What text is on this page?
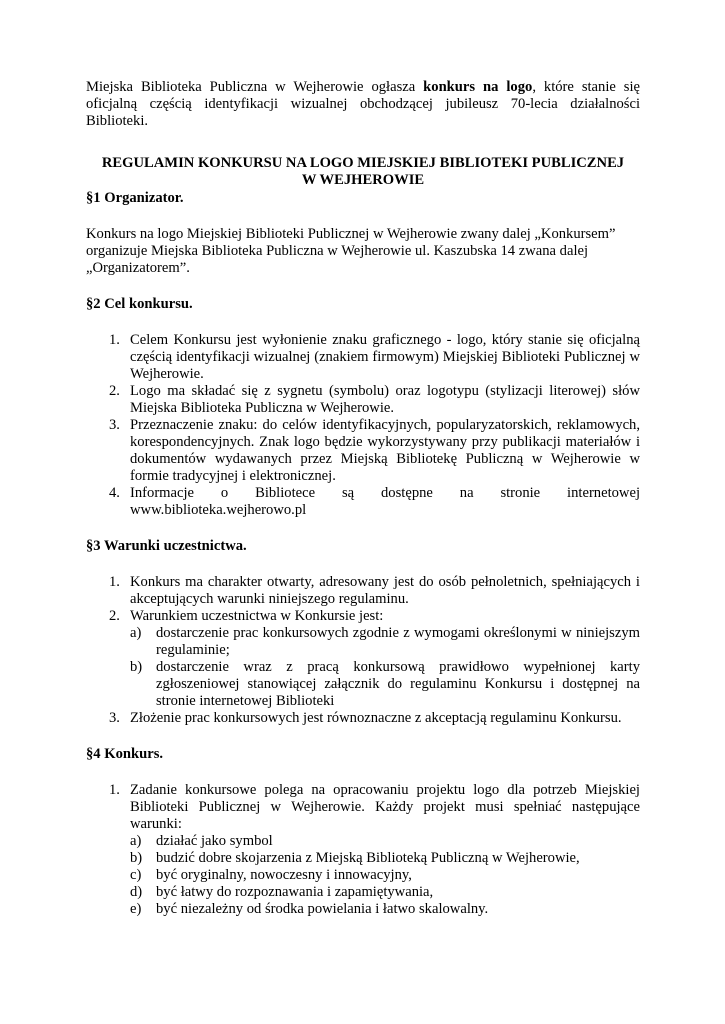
Miejska Biblioteka Publiczna w Wejherowie ogłasza konkurs na logo, które stanie się oficjalną częścią identyfikacji wizualnej obchodzącej jubileusz 70-lecia działalności Biblioteki.

REGULAMIN KONKURSU NA LOGO MIEJSKIEJ BIBLIOTEKI PUBLICZNEJ
W WEJHEROWIE

§1 Organizator.

Konkurs na logo Miejskiej Biblioteki Publicznej w Wejherowie zwany dalej „Konkursem” organizuje Miejska Biblioteka Publiczna w Wejherowie ul. Kaszubska 14 zwana dalej „Organizatorem”.

§2 Cel konkursu.

1. Celem Konkursu jest wyłonienie znaku graficznego - logo, który stanie się oficjalną częścią identyfikacji wizualnej (znakiem firmowym) Miejskiej Biblioteki Publicznej w Wejherowie.
2. Logo ma składać się z sygnetu (symbolu) oraz logotypu (stylizacji literowej) słów Miejska Biblioteka Publiczna w Wejherowie.
3. Przeznaczenie znaku: do celów identyfikacyjnych, popularyzatorskich, reklamowych, korespondencyjnych. Znak logo będzie wykorzystywany przy publikacji materiałów i dokumentów wydawanych przez Miejską Bibliotekę Publiczną w Wejherowie w formie tradycyjnej i elektronicznej.
4. Informacje o Bibliotece są dostępne na stronie internetowej
www.biblioteka.wejherowo.pl

§3 Warunki uczestnictwa.

1. Konkurs ma charakter otwarty, adresowany jest do osób pełnoletnich, spełniających i akceptujących warunki niniejszego regulaminu.
2. Warunkiem uczestnictwa w Konkursie jest:
a) dostarczenie prac konkursowych zgodnie z wymogami określonymi w niniejszym regulaminie;
b) dostarczenie wraz z pracą konkursową prawidłowo wypełnionej karty zgłoszeniowej stanowiącej załącznik do regulaminu Konkursu i dostępnej na stronie internetowej Biblioteki
3. Złożenie prac konkursowych jest równoznaczne z akceptacją regulaminu Konkursu.

§4 Konkurs.

1. Zadanie konkursowe polega na opracowaniu projektu logo dla potrzeb Miejskiej Biblioteki Publicznej w Wejherowie. Każdy projekt musi spełniać następujące warunki:
a) działać jako symbol
b) budzić dobre skojarzenia z Miejską Biblioteką Publiczną w Wejherowie,
c) być oryginalny, nowoczesny i innowacyjny,
d) być łatwy do rozpoznawania i zapamiętywania,
e) być niezależny od środka powielania i łatwo skalowalny.
